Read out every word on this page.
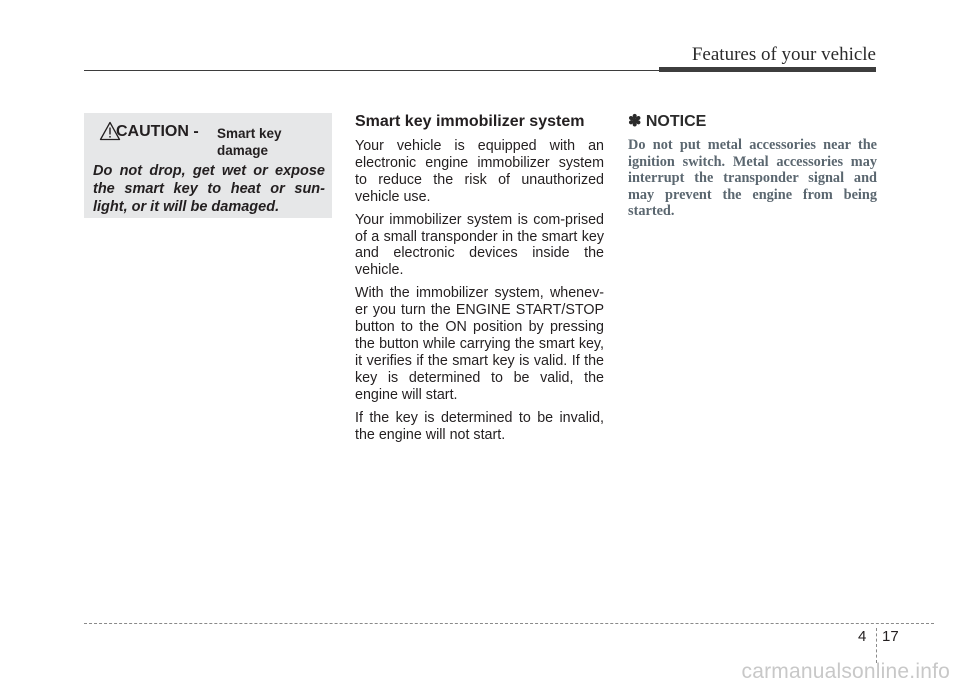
Features of your vehicle
CAUTION - Smart key
damage

Do not drop, get wet or expose the smart key to heat or sun-light, or it will be damaged.

Smart key immobilizer system

Your vehicle is equipped with an electronic engine immobilizer system to reduce the risk of unauthorized vehicle use.

Your immobilizer system is com-prised of a small transponder in the smart key and electronic devices inside the vehicle.

With the immobilizer system, whenev-er you turn the ENGINE START/STOP button to the ON position by pressing the button while carrying the smart key, it verifies if the smart key is valid. If the key is determined to be valid, the engine will start.

If the key is determined to be invalid, the engine will not start.

✽ NOTICE

Do not put metal accessories near the ignition switch. Metal accessories may interrupt the transponder signal and may prevent the engine from being started.

4 17
carmanualsonline.info
